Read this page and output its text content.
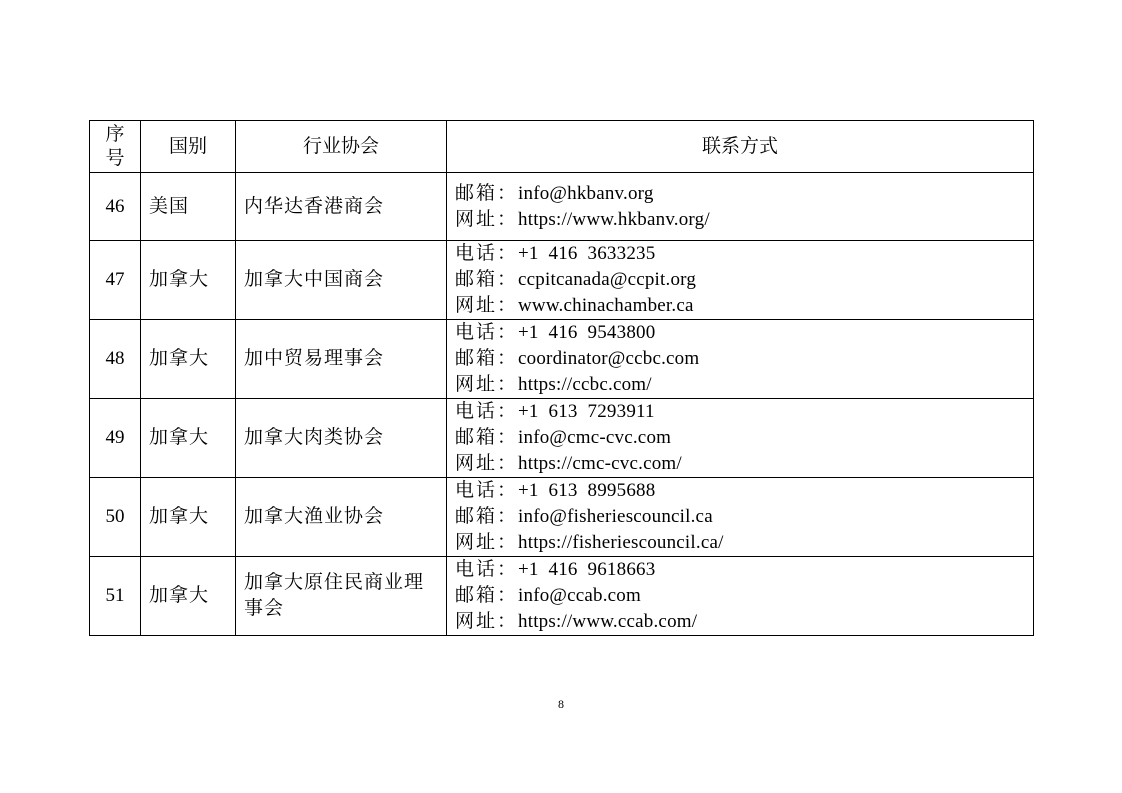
序号	国别	行业协会	联系方式
46	美国	内华达香港商会	邮箱：info@hkbanv.org
网址：https://www.hkbanv.org/

47	加拿大	加拿大中国商会	电话：+1  416  3633235
邮箱：ccpitcanada@ccpit.org
网址：www.chinachamber.ca

48	加拿大	加中贸易理事会	电话：+1  416  9543800
邮箱：coordinator@ccbc.com
网址：https://ccbc.com/

49	加拿大	加拿大肉类协会	电话：+1  613  7293911
邮箱：info@cmc-cvc.com
网址：https://cmc-cvc.com/

50	加拿大	加拿大渔业协会	电话：+1  613  8995688
邮箱：info@fisheriescouncil.ca
网址：https://fisheriescouncil.ca/

51	加拿大	加拿大原住民商业理事会	电话：+1  416  9618663
邮箱：info@ccab.com
网址：https://www.ccab.com/
8
